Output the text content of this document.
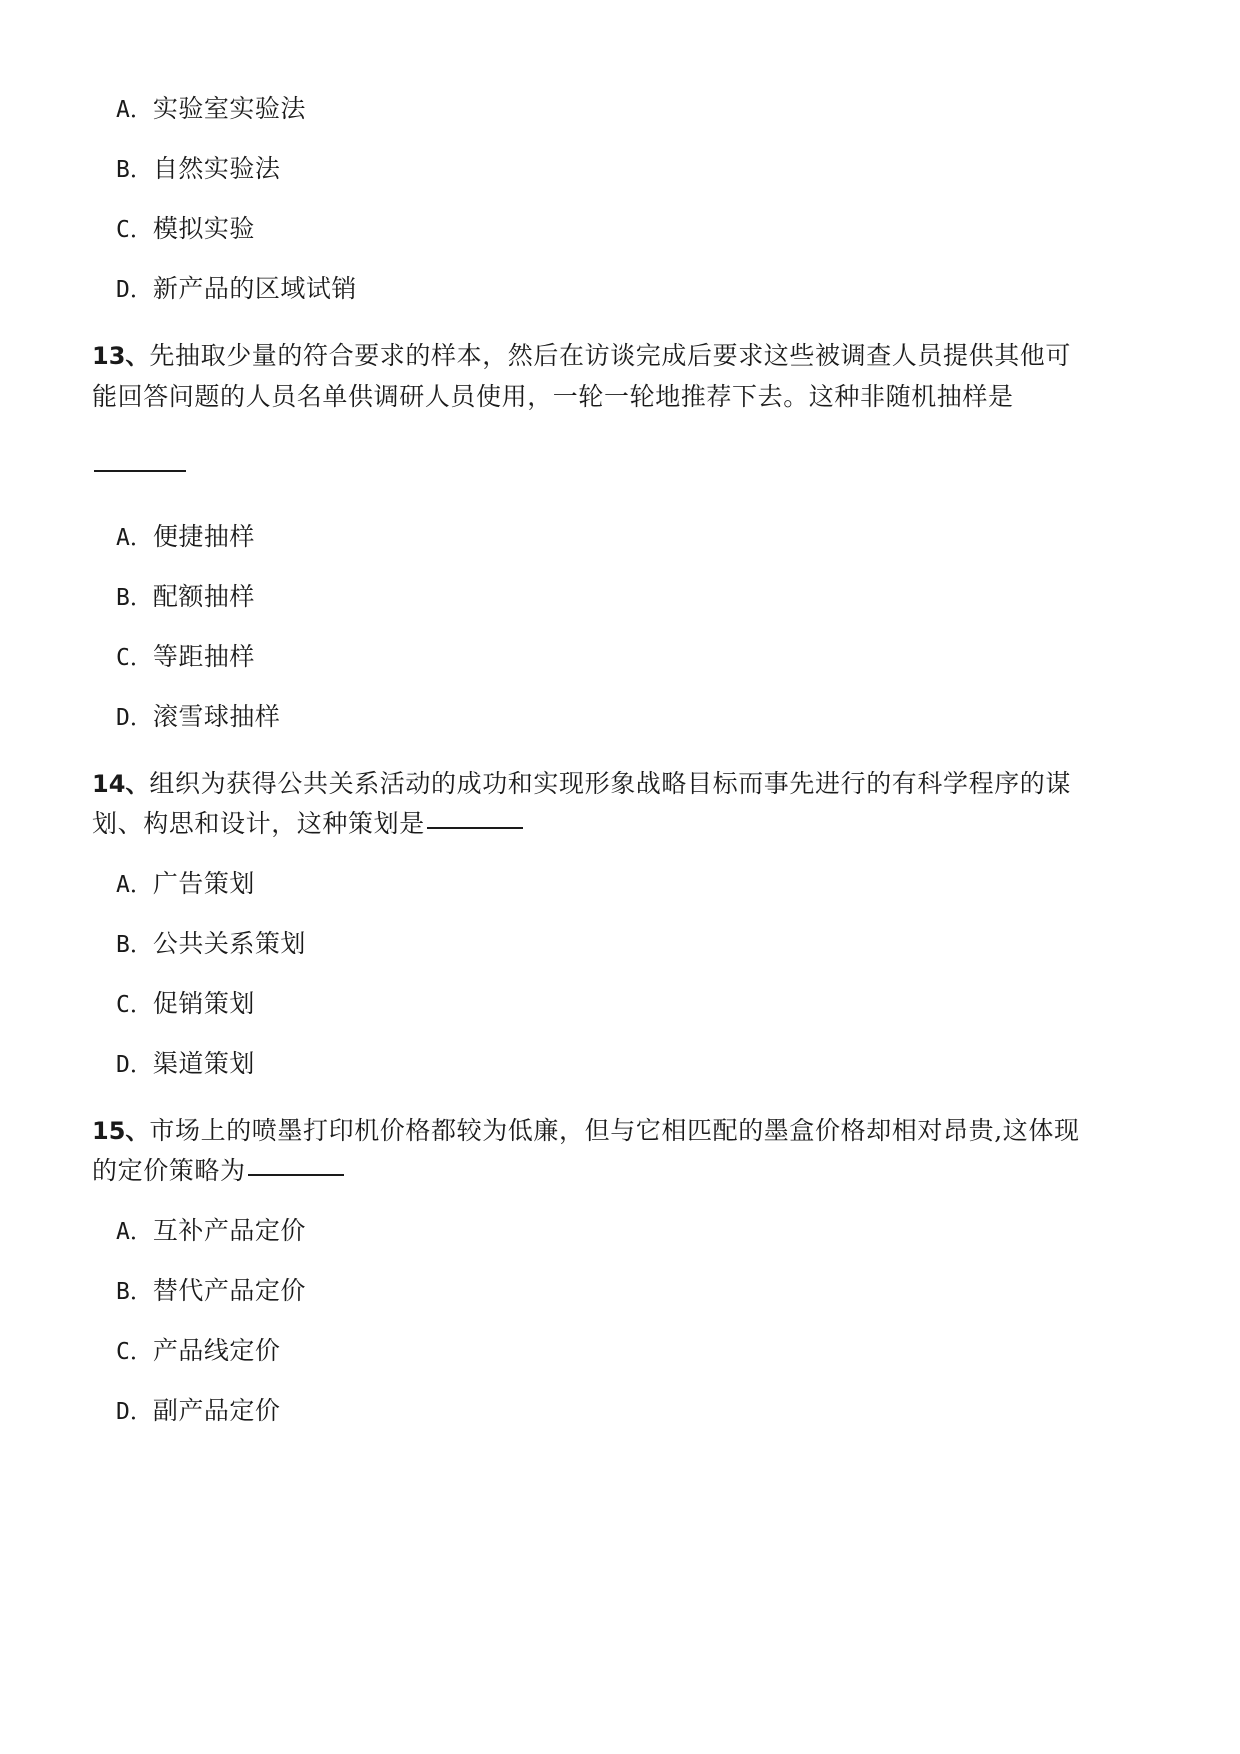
A．实验室实验法

B．自然实验法

C．模拟实验

D．新产品的区域试销

13、先抽取少量的符合要求的样本，然后在访谈完成后要求这些被调查人员提供其他可

能回答问题的人员名单供调研人员使用，一轮一轮地推荐下去。这种非随机抽样是

A．便捷抽样

B．配额抽样

C．等距抽样

D．滚雪球抽样

14、组织为获得公共关系活动的成功和实现形象战略目标而事先进行的有科学程序的谋

划、构思和设计，这种策划是

A．广告策划

B．公共关系策划

C．促销策划

D．渠道策划

15、市场上的喷墨打印机价格都较为低廉，但与它相匹配的墨盒价格却相对昂贵,这体现

的定价策略为

A．互补产品定价

B．替代产品定价

C．产品线定价

D．副产品定价
